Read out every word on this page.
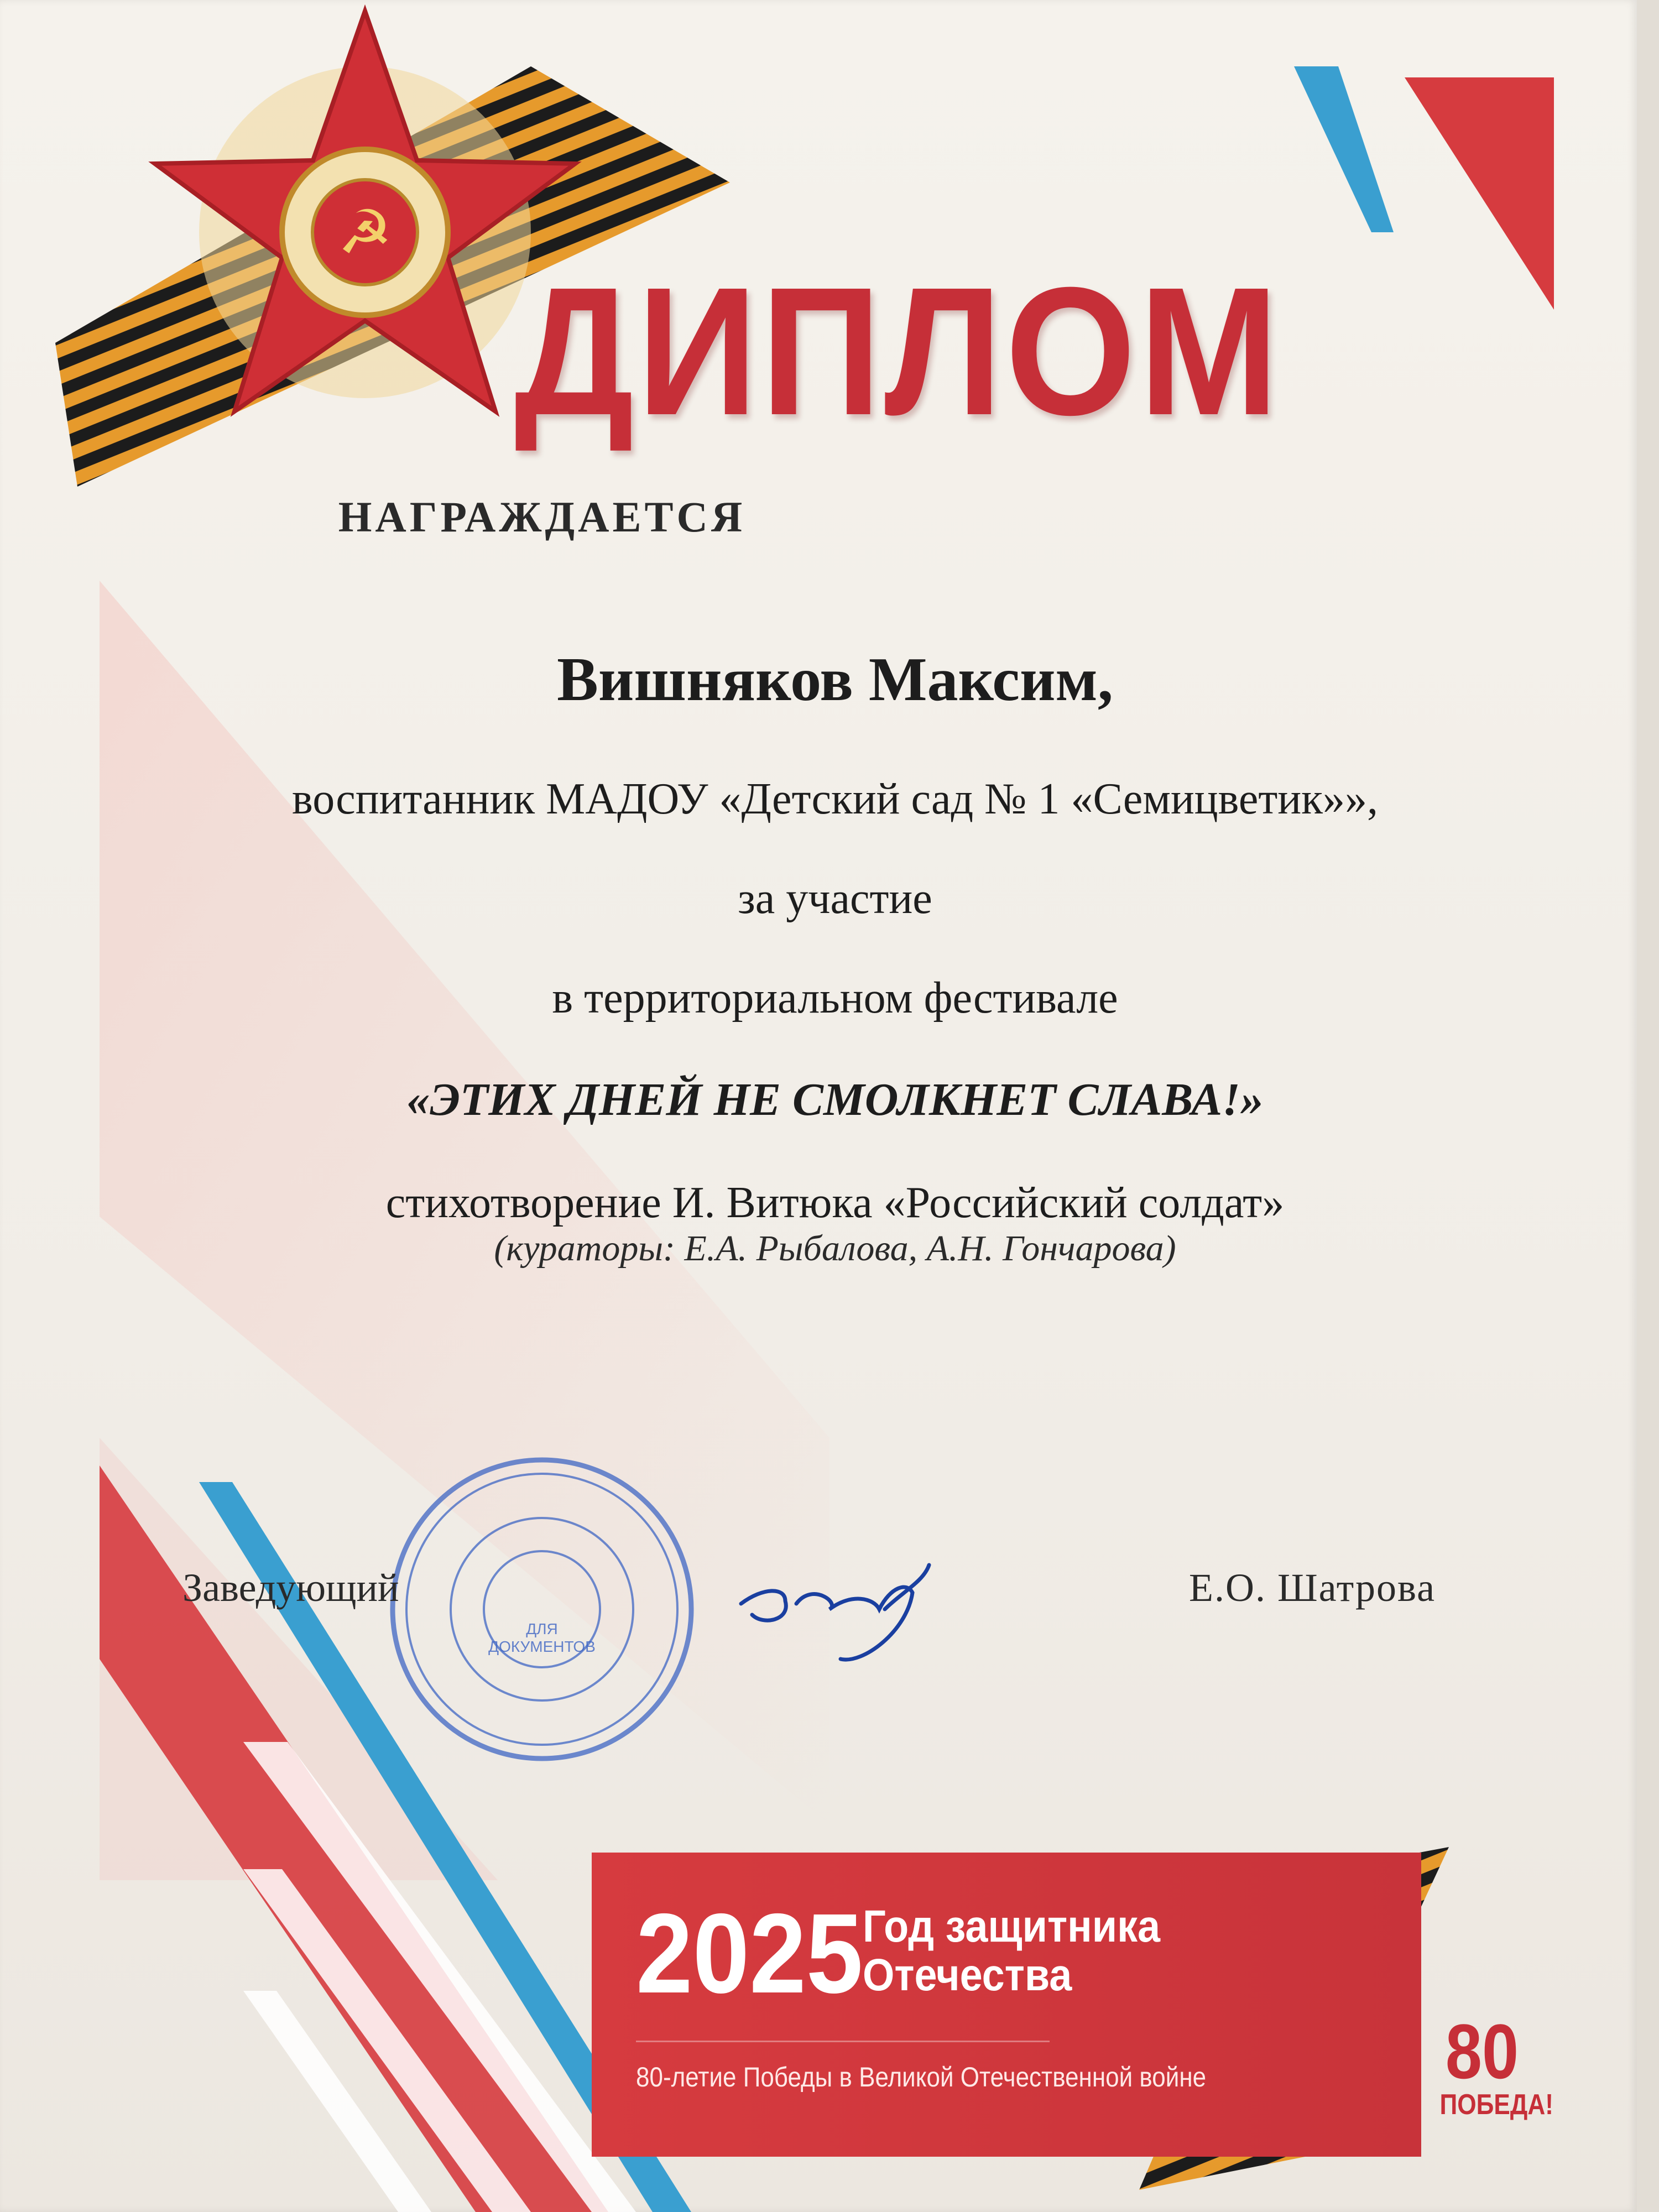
☭
ДИПЛОМ
НАГРАЖДАЕТСЯ
Вишняков Максим,
воспитанник МАДОУ «Детский сад № 1 «Семицветик»»,
за участие
в территориальном фестивале
«ЭТИХ ДНЕЙ НЕ СМОЛКНЕТ СЛАВА!»
стихотворение И. Витюка «Российский солдат»
(кураторы: Е.А. Рыбалова, А.Н. Гончарова)
Заведующий
ДЛЯ ДОКУМЕНТОВ
Е.О. Шатрова
2025 Год защитника Отечества
80-летие Победы в Великой Отечественной войне	80
ПОБЕДА!
